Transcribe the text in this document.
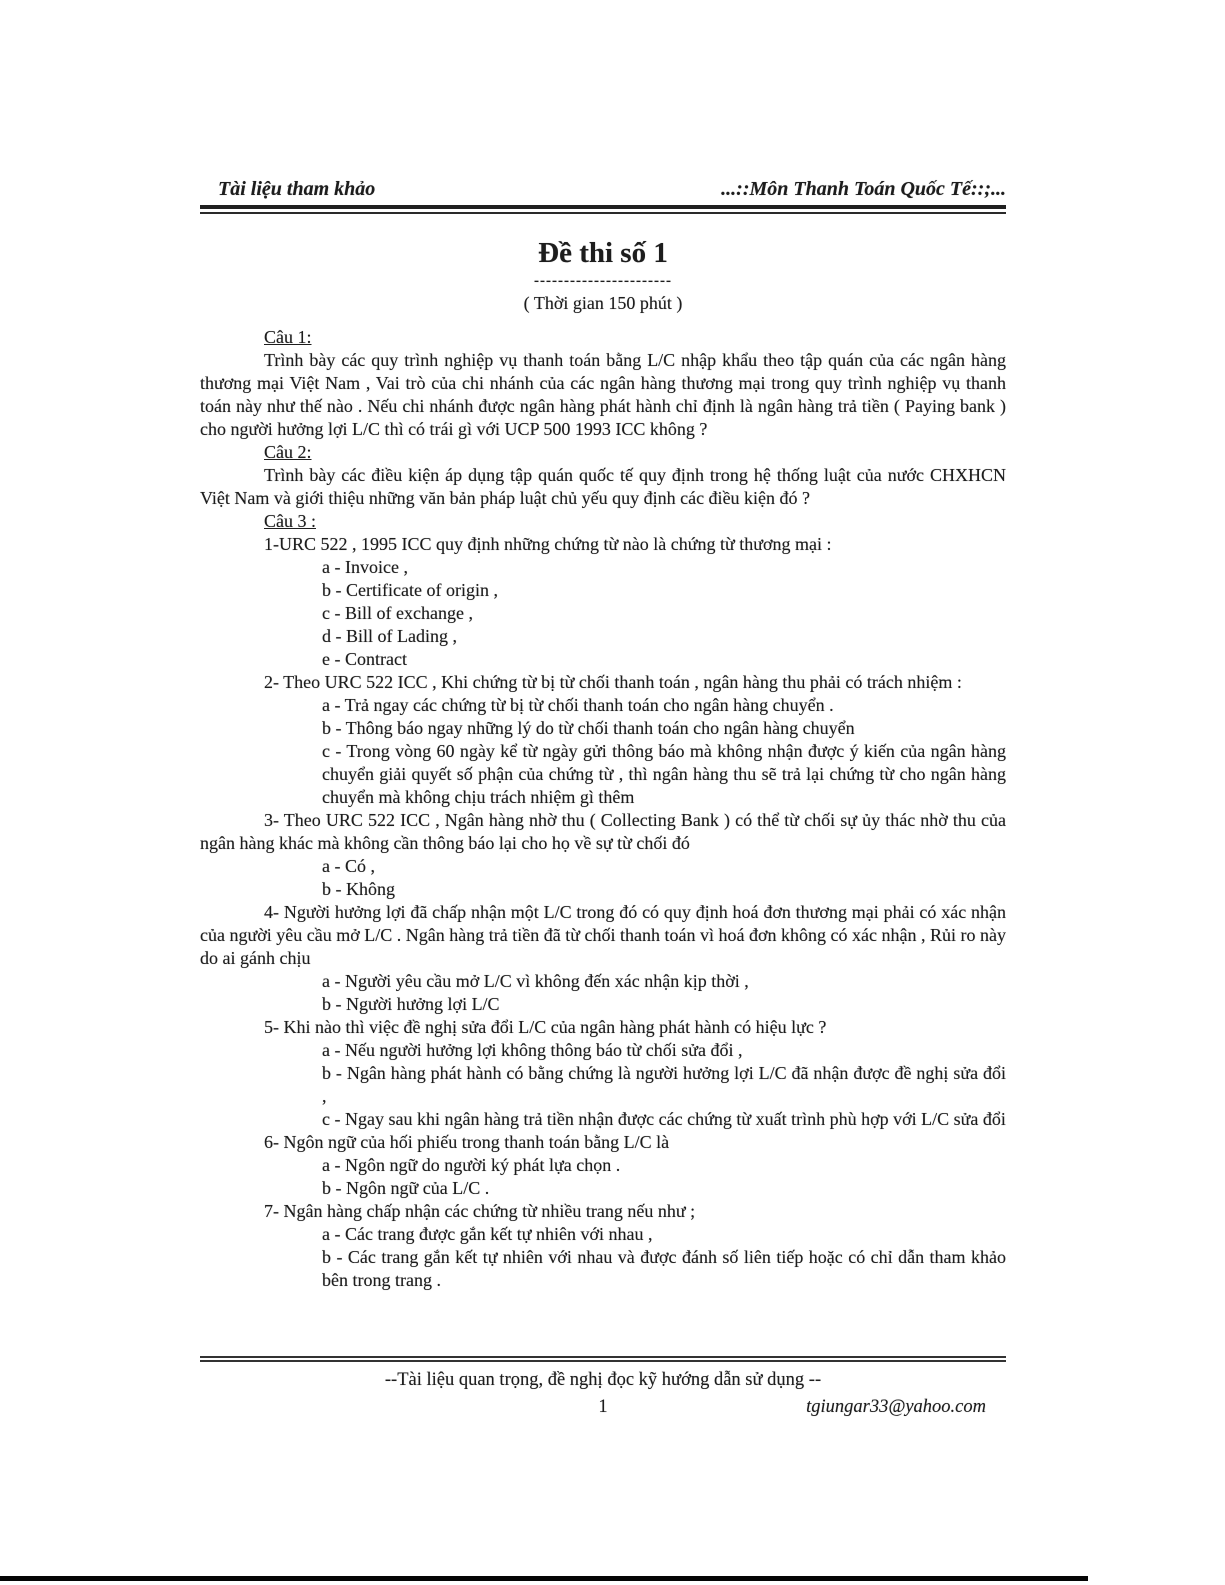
Tài liệu tham khảo	...::Môn Thanh Toán Quốc Tế::;...
Đề thi số 1
-----------------------
( Thời gian 150 phút )

Câu 1:

Trình bày các quy trình nghiệp vụ thanh toán bằng L/C nhập khẩu theo tập quán của các ngân hàng thương mại Việt Nam , Vai trò của chi nhánh của các ngân hàng thương mại trong quy trình nghiệp vụ thanh toán này như thế nào . Nếu chi nhánh được ngân hàng phát hành chỉ định là ngân hàng trả tiền ( Paying bank ) cho người hưởng lợi L/C thì có trái gì với UCP 500 1993 ICC không ?

Câu 2:

Trình bày các điều kiện áp dụng tập quán quốc tế quy định trong hệ thống luật của nước CHXHCN Việt Nam và giới thiệu những văn bản pháp luật chủ yếu quy định các điều kiện đó ?

Câu 3 :

1-URC 522 , 1995 ICC quy định những chứng từ nào là chứng từ thương mại :

a - Invoice ,

b - Certificate of origin ,

c - Bill of exchange ,

d - Bill of Lading ,

e - Contract

2- Theo URC 522 ICC , Khi chứng từ bị từ chối thanh toán , ngân hàng thu phải có trách nhiệm :

a - Trả ngay các chứng từ bị từ chối thanh toán cho ngân hàng chuyển .

b - Thông báo ngay những lý do từ chối thanh toán cho ngân hàng chuyển

c - Trong vòng 60 ngày kể từ ngày gửi thông báo mà không nhận được ý kiến của ngân hàng chuyển giải quyết số phận của chứng từ , thì ngân hàng thu sẽ trả lại chứng từ cho ngân hàng chuyển mà không chịu trách nhiệm gì thêm

3- Theo URC 522 ICC , Ngân hàng nhờ thu ( Collecting Bank ) có thể từ chối sự ủy thác nhờ thu của ngân hàng khác mà không cần thông báo lại cho họ về sự từ chối đó

a - Có ,

b - Không

4- Người hưởng lợi đã chấp nhận một L/C trong đó có quy định hoá đơn thương mại phải có xác nhận của người yêu cầu mở L/C . Ngân hàng trả tiền đã từ chối thanh toán vì hoá đơn không có xác nhận , Rủi ro này do ai gánh chịu

a - Người yêu cầu mở L/C vì không đến xác nhận kịp thời ,

b - Người hưởng lợi L/C

5- Khi nào thì việc đề nghị sửa đổi L/C của ngân hàng phát hành có hiệu lực ?

a - Nếu người hưởng lợi không thông báo từ chối sửa đổi ,

b - Ngân hàng phát hành có bằng chứng là người hưởng lợi L/C đã nhận được đề nghị sửa đổi ,

c - Ngay sau khi ngân hàng trả tiền nhận được các chứng từ xuất trình phù hợp với L/C sửa đổi

6- Ngôn ngữ của hối phiếu trong thanh toán bằng L/C là

a - Ngôn ngữ do người ký phát lựa chọn .

b - Ngôn ngữ của L/C .

7- Ngân hàng chấp nhận các chứng từ nhiều trang nếu như ;

a - Các trang được gắn kết tự nhiên với nhau ,

b - Các trang gắn kết tự nhiên với nhau và được đánh số liên tiếp hoặc có chỉ dẫn tham khảo bên trong trang .

--Tài liệu quan trọng, đề nghị đọc kỹ hướng dẫn sử dụng --
1	tgiungar33@yahoo.com
